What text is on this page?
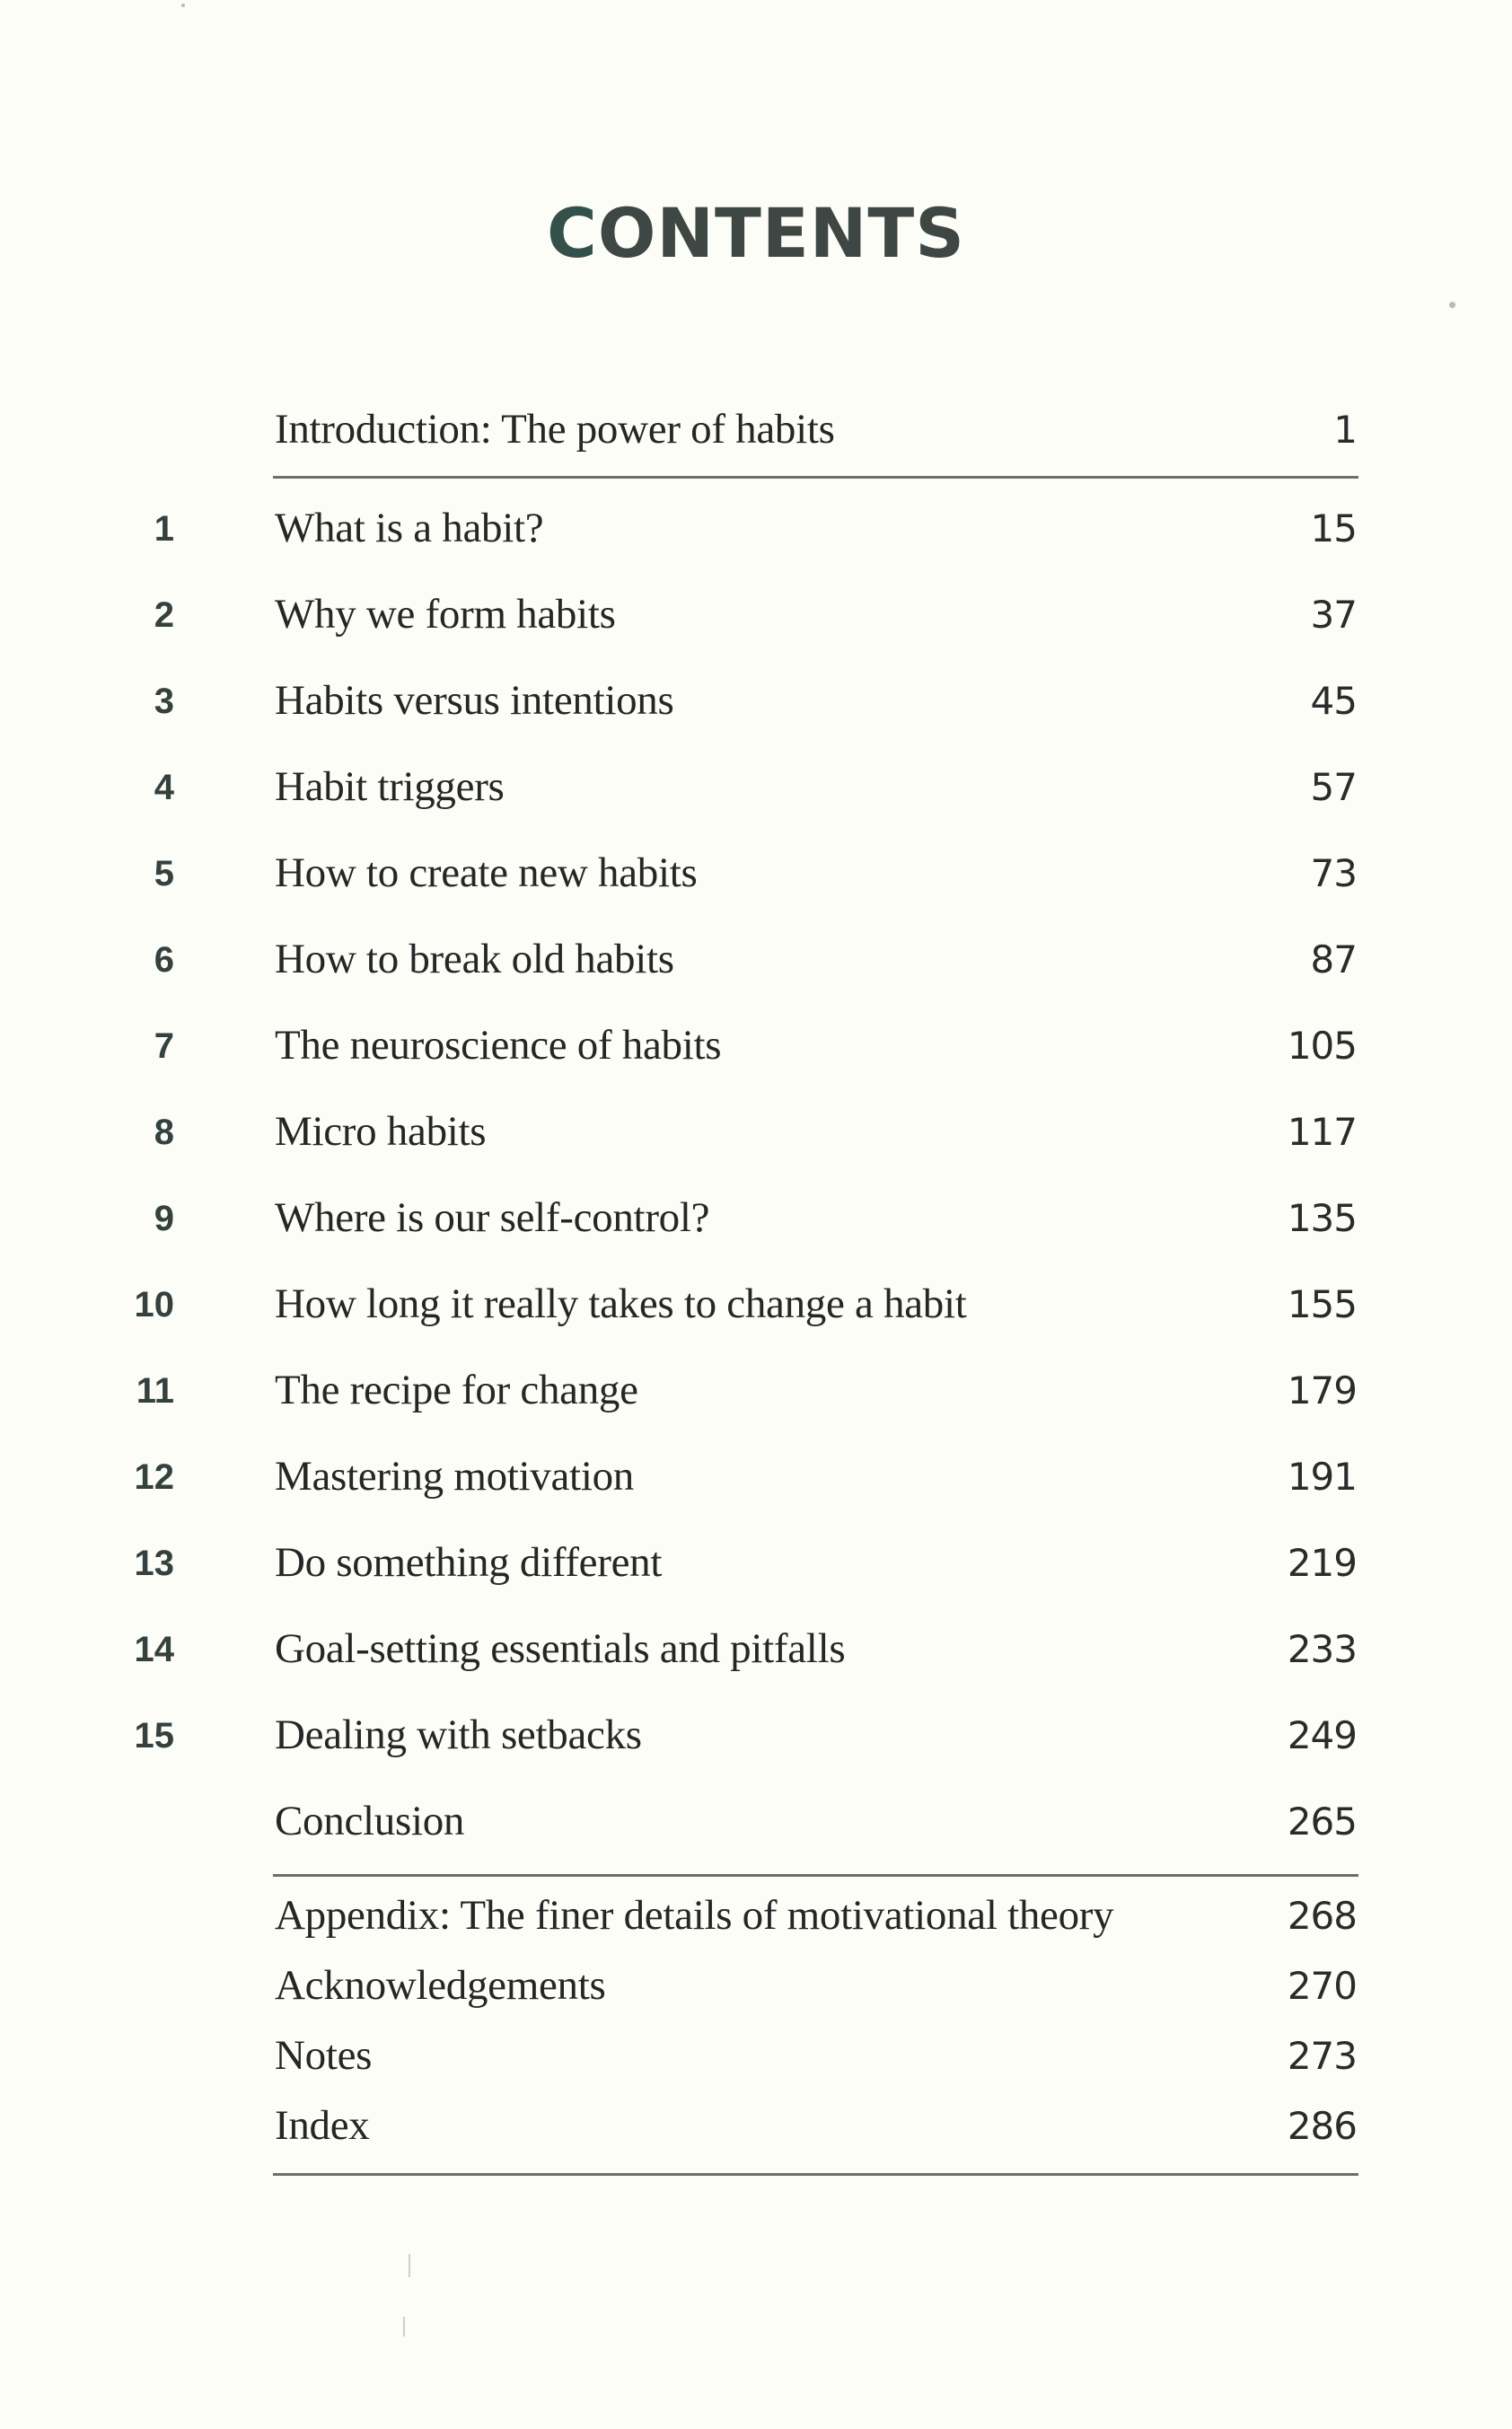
CONTENTS
Introduction: The power of habits	1
1 What is a habit?	15
2 Why we form habits	37
3 Habits versus intentions	45
4 Habit triggers	57
5 How to create new habits	73
6 How to break old habits	87
7 The neuroscience of habits	105
8 Micro habits	117
9 Where is our self-control?	135
10 How long it really takes to change a habit	155
11 The recipe for change	179
12 Mastering motivation	191
13 Do something different	219
14 Goal-setting essentials and pitfalls	233
15 Dealing with setbacks	249
Conclusion	265
Appendix: The finer details of motivational theory	268
Acknowledgements	270
Notes	273
Index	286
